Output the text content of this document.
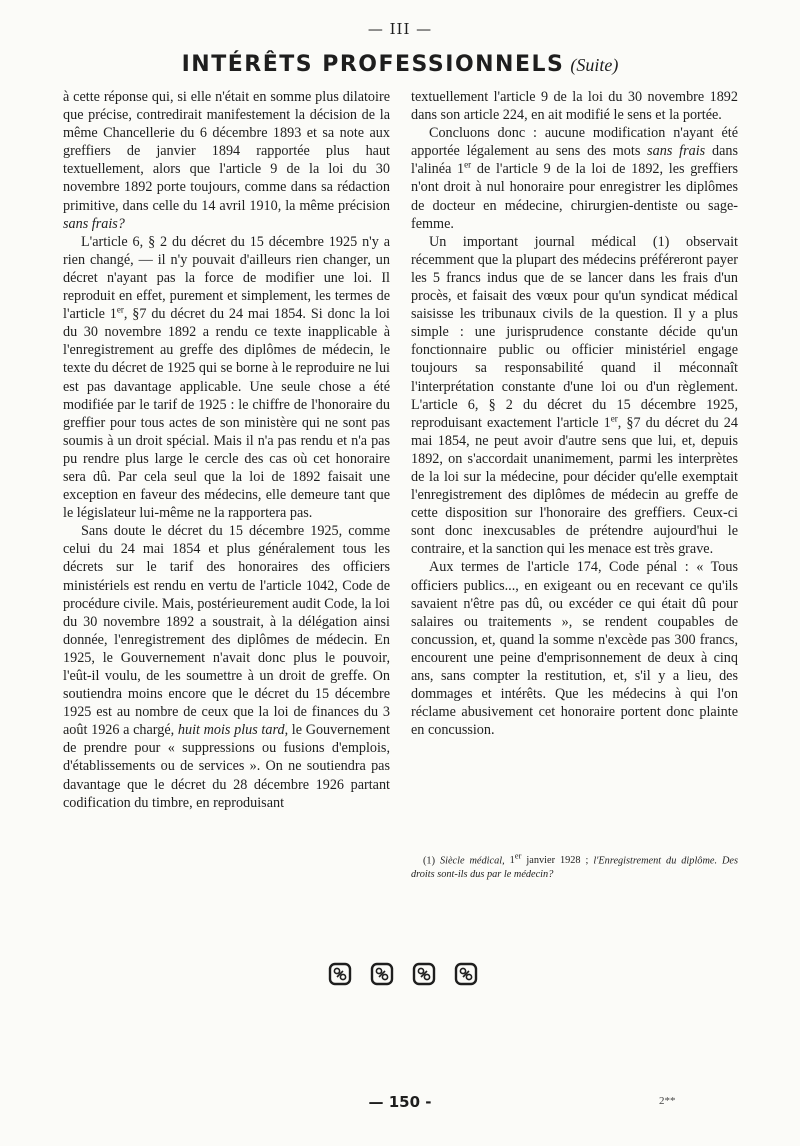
— III —
INTÉRÊTS PROFESSIONNELS (Suite)

à cette réponse qui, si elle n'était en somme plus dilatoire que précise, contredirait manifestement la décision de la même Chancellerie du 6 décembre 1893 et sa note aux greffiers de janvier 1894 rapportée plus haut textuellement, alors que l'article 9 de la loi du 30 novembre 1892 porte toujours, comme dans sa rédaction primitive, dans celle du 14 avril 1910, la même précision sans frais?

L'article 6, § 2 du décret du 15 décembre 1925 n'y a rien changé, — il n'y pouvait d'ailleurs rien changer, un décret n'ayant pas la force de modifier une loi. Il reproduit en effet, purement et simplement, les termes de l'article 1er, §7 du décret du 24 mai 1854. Si donc la loi du 30 novembre 1892 a rendu ce texte inapplicable à l'enregistrement au greffe des diplômes de médecin, le texte du décret de 1925 qui se borne à le reproduire ne lui est pas davantage applicable. Une seule chose a été modifiée par le tarif de 1925 : le chiffre de l'honoraire du greffier pour tous actes de son ministère qui ne sont pas soumis à un droit spécial. Mais il n'a pas rendu et n'a pas pu rendre plus large le cercle des cas où cet honoraire sera dû. Par cela seul que la loi de 1892 faisait une exception en faveur des médecins, elle demeure tant que le législateur lui-même ne la rapportera pas.

Sans doute le décret du 15 décembre 1925, comme celui du 24 mai 1854 et plus généralement tous les décrets sur le tarif des honoraires des officiers ministériels est rendu en vertu de l'article 1042, Code de procédure civile. Mais, postérieurement audit Code, la loi du 30 novembre 1892 a soustrait, à la délégation ainsi donnée, l'enregistrement des diplômes de médecin. En 1925, le Gouvernement n'avait donc plus le pouvoir, l'eût-il voulu, de les soumettre à un droit de greffe. On soutiendra moins encore que le décret du 15 décembre 1925 est au nombre de ceux que la loi de finances du 3 août 1926 a chargé, huit mois plus tard, le Gouvernement de prendre pour « suppressions ou fusions d'emplois, d'établissements ou de services ». On ne soutiendra pas davantage que le décret du 28 décembre 1926 partant codification du timbre, en reproduisant

textuellement l'article 9 de la loi du 30 novembre 1892 dans son article 224, en ait modifié le sens et la portée.

Concluons donc : aucune modification n'ayant été apportée légalement au sens des mots sans frais dans l'alinéa 1er de l'article 9 de la loi de 1892, les greffiers n'ont droit à nul honoraire pour enregistrer les diplômes de docteur en médecine, chirurgien-dentiste ou sage-femme.

Un important journal médical (1) observait récemment que la plupart des médecins préféreront payer les 5 francs indus que de se lancer dans les frais d'un procès, et faisait des vœux pour qu'un syndicat médical saisisse les tribunaux civils de la question. Il y a plus simple : une jurisprudence constante décide qu'un fonctionnaire public ou officier ministériel engage toujours sa responsabilité quand il méconnaît l'interprétation constante d'une loi ou d'un règlement. L'article 6, § 2 du décret du 15 décembre 1925, reproduisant exactement l'article 1er, §7 du décret du 24 mai 1854, ne peut avoir d'autre sens que lui, et, depuis 1892, on s'accordait unanimement, parmi les interprètes de la loi sur la médecine, pour décider qu'elle exemptait l'enregistrement des diplômes de médecin au greffe de cette disposition sur l'honoraire des greffiers. Ceux-ci sont donc inexcusables de prétendre aujourd'hui le contraire, et la sanction qui les menace est très grave.

Aux termes de l'article 174, Code pénal : « Tous officiers publics..., en exigeant ou en recevant ce qu'ils savaient n'être pas dû, ou excéder ce qui était dû pour salaires ou traitements », se rendent coupables de concussion, et, quand la somme n'excède pas 300 francs, encourent une peine d'emprisonnement de deux à cinq ans, sans compter la restitution, et, s'il y a lieu, des dommages et intérêts. Que les médecins à qui l'on réclame abusivement cet honoraire portent donc plainte en concussion.

(1) Siècle médical, 1er janvier 1928 ; l'Enregistrement du diplôme. Des droits sont-ils dus par le médecin?
— 150 -	2**
